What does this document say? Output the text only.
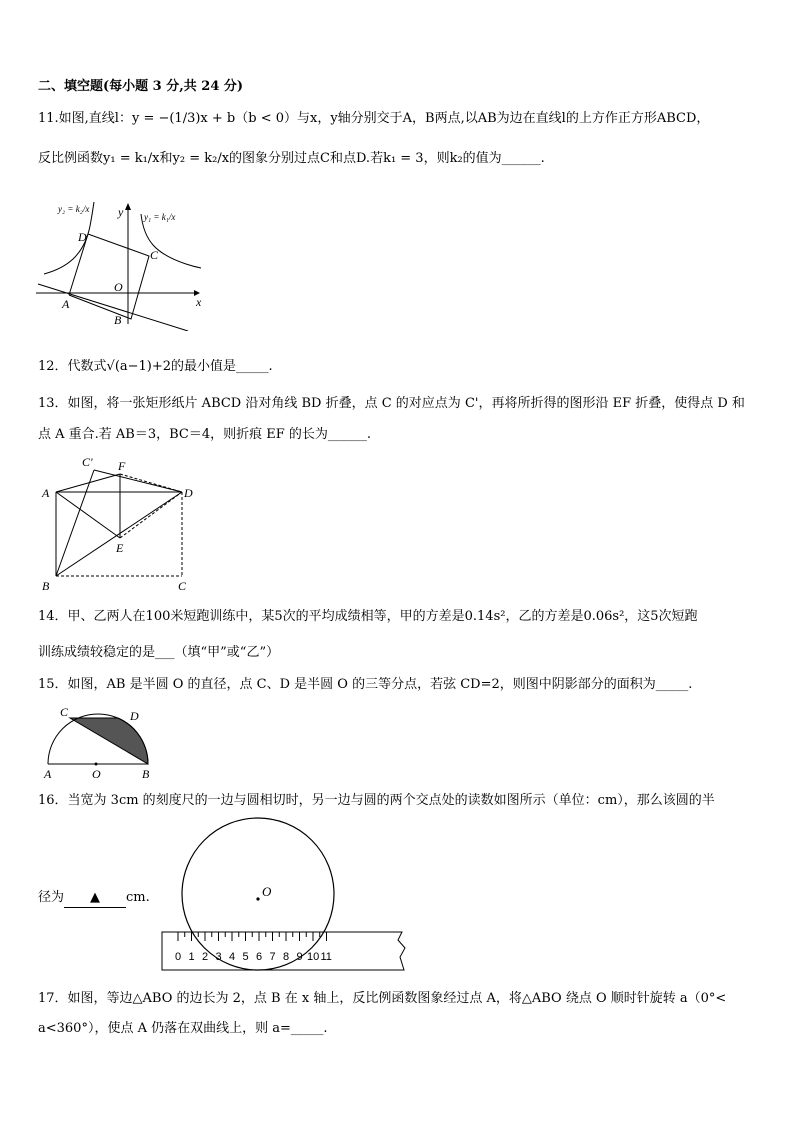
二、填空题(每小题 3 分,共 24 分)
11.如图,直线l：y = −(1/3)x + b（b < 0）与x，y轴分别交于A，B两点,以AB为边在直线l的上方作正方形ABCD，
反比例函数y₁ = k₁/x和y₂ = k₂/x的图象分别过点C和点D.若k₁ = 3，则k₂的值为______.
y₂ = k₂/x
y₁ = k₁/x
y
x
D
C
O
A
B
12．代数式√(a−1)+2的最小值是_____.
13．如图，将一张矩形纸片 ABCD 沿对角线 BD 折叠，点 C 的对应点为 C'，再将所折得的图形沿 EF 折叠，使得点 D 和
点 A 重合.若 AB＝3，BC＝4，则折痕 EF 的长为______.
C' F
A	D
E
B	C
14．甲、乙两人在100米短跑训练中，某5次的平均成绩相等，甲的方差是0.14s²，乙的方差是0.06s²，这5次短跑
训练成绩较稳定的是___（填“甲”或“乙”）
15．如图，AB 是半圆 O 的直径，点 C、D 是半圆 O 的三等分点，若弦 CD=2，则图中阴影部分的面积为_____.
C	D
A	O	B
16．当宽为 3cm 的刻度尺的一边与圆相切时，另一边与圆的两个交点处的读数如图所示（单位：cm），那么该圆的半
径为 ▲ cm.	O
0 1 2 3 4 5 6 7 8 9 10 11
17．如图，等边△ABO 的边长为 2，点 B 在 x 轴上，反比例函数图象经过点 A，将△ABO 绕点 O 顺时针旋转 a（0°<
a<360°），使点 A 仍落在双曲线上，则 a=_____.
